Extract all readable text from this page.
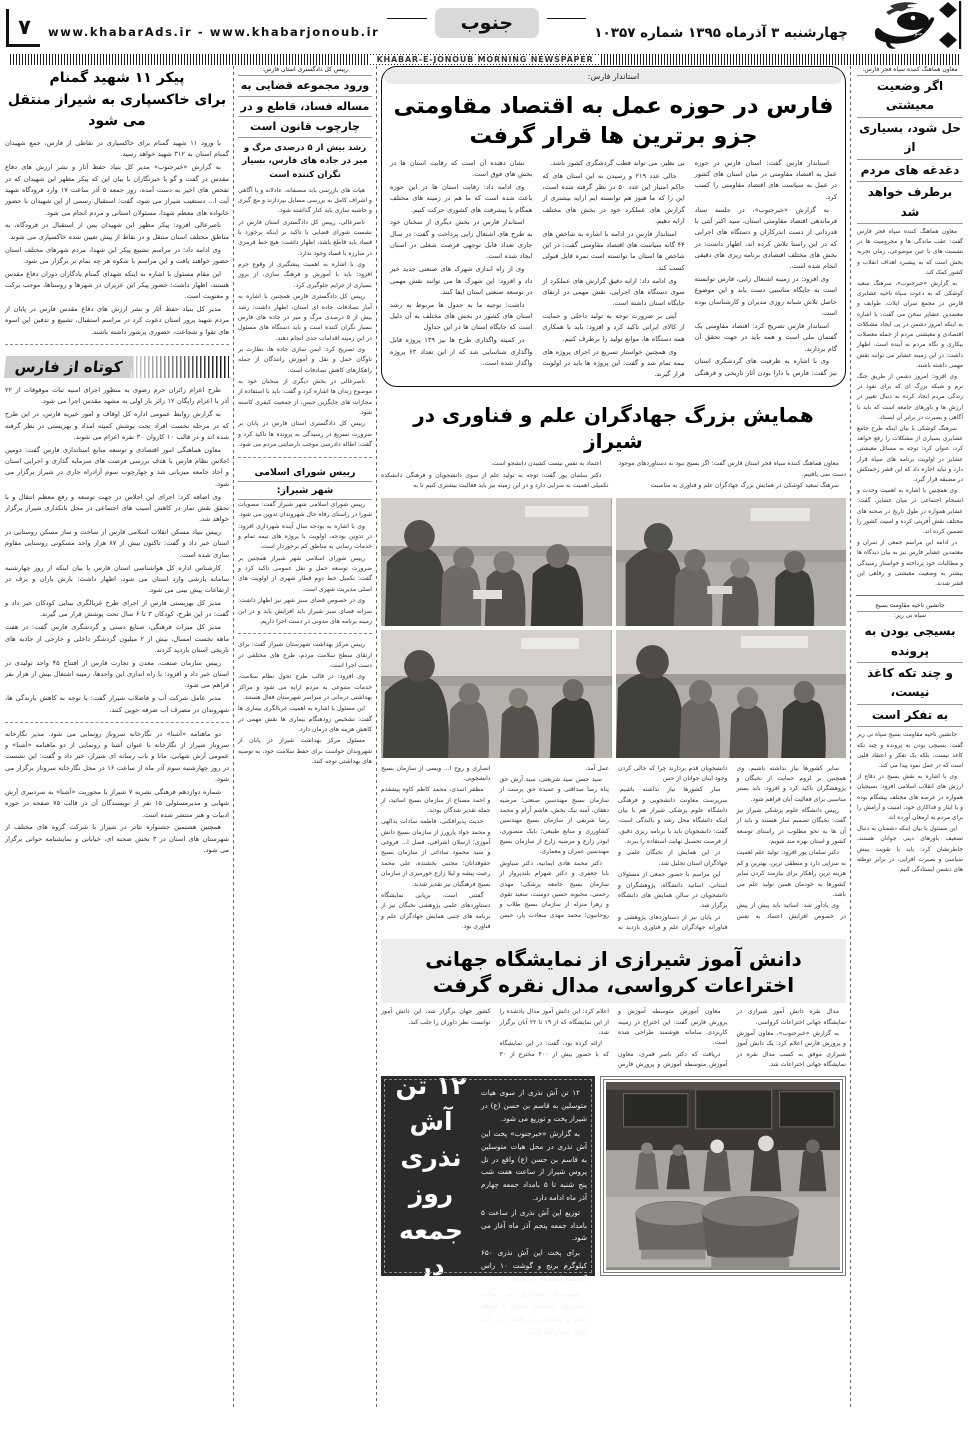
جنوب
چهارشنبه ۳ آذرماه ۱۳۹۵ شماره ۱۰۳۵۷
جنوب
www.khabarAds.ir - www.khabarjonoub.ir
۷
KHABAR-E-JONOUB MORNING NEWSPAPER
معاون هماهنگ کننده سپاه فجر فارس:
اگر وضعیت معیشتی
حل شود، بسیاری از
دغدغه های مردم
برطرف خواهد شد

معاون هماهنگ کننده سپاه فجر فارس گفت: عقب ماندگی ها و محرومیت ها در نشست های با عین موضوعی، زمان تجربه بخش است که به پیشبرد اهداف انقلاب و کشور کمک کند.

به گزارش «خبرجنوب»، سرهنگ سعید کوشکی که به دعوت سپاه ناحیه عشایری قارس در مجمع سران ایلات، طوایف و معتمدین عشایر سخن می گفت، با اشاره به اینکه امروز دشمن در پی ایجاد مشکلات اقتصادی و معیشتی مردم از جمله معضلات بیکاری و نگاه مردم به آینده است، اظهار داشت: در این زمینه عشایر می توانند نقش مهمی داشته باشند.

وی افزود: امروز دشمن از طریق جنگ نرم و شبکه بزرگ ای که برای نفوذ در زندگی مردم ایجاد کرده به دنبال تغییر در ارزش ها و باورهای جامعه است که باید با آگاهی و بصیرت در برابر آن ایستاد.

سرهنگ کوشکی با بیان اینکه طرح جامع عشایری بسیاری از مشکلات را رفع خواهد کرد، عنوان کرد: توجه به مسائل معیشتی عشایر در اولویت برنامه های سپاه قرار دارد و نباید اجازه داد که این قشر زحمتکش در مضیقه قرار گیرد.

وی همچنین با اشاره به اهمیت وحدت و انسجام اجتماعی در میان عشایر، گفت: عشایر همواره در طول تاریخ در صحنه های مختلف نقش آفرینی کرده و امنیت کشور را تضمین کرده اند.

در ادامه این مراسم جمعی از سران و معتمدین عشایر فارس نیز به بیان دیدگاه ها و مطالبات خود پرداخته و خواستار رسیدگی بیشتر به وضعیت معیشتی و رفاهی این قشر شدند.

جانشین ناحیه مقاومت بسیج
سپاه نی ریز:
بسیجی بودن به پرونده
و چند تکه کاغذ نیست،
به تفکر است

جانشین ناحیه مقاومت بسیج سپاه نی ریز گفت: بسیجی بودن به پرونده و چند تکه کاغذ نیست، بلکه یک تفکر و اعتقاد قلبی است که در عمل نمود پیدا می کند.

وی با اشاره به نقش بسیج در دفاع از ارزش های انقلاب اسلامی افزود: بسیجیان همواره در عرصه های مختلف پیشگام بوده و با ایثار و فداکاری خود، امنیت و آرامش را برای مردم به ارمغان آورده اند.

این مسئول با بیان اینکه دشمنان به دنبال تضعیف باورهای دینی جوانان هستند، خاطرنشان کرد: باید با تقویت بینش سیاسی و بصیرت افزایی، در برابر توطئه های دشمن ایستادگی کنیم.

استاندار فارس:
فارس در حوزه عمل به اقتصاد مقاومتی جزو برترین ها قرار گرفت

استاندار فارس گفت: استان فارس در حوزه عمل به اقتصاد مقاومتی در میان استان های کشور در عمل به سیاست های اقتصاد مقاومتی را کسب کرد.

به گزارش «خبرجنوب»، در جلسه ستاد فرماندهی اقتصاد مقاومتی استان، سید اکبر آیتی با قدردانی از دست اندرکاران و دستگاه های اجرایی که در این راستا تلاش کرده اند، اظهار داشت: در بخش های مختلف اقتصادی برنامه ریزی های دقیقی انجام شده است.

وی افزود: در زمینه اشتغال زایی، فارس توانسته است به جایگاه مناسبی دست یابد و این موضوع حاصل تلاش شبانه روزی مدیران و کارشناسان بوده است.

استاندار فارس تصریح کرد: اقتصاد مقاومتی یک گفتمان ملی است و همه باید در جهت تحقق آن گام بردارند.

وی با اشاره به ظرفیت های گردشگری استان نیز گفت: فارس با دارا بودن آثار تاریخی و فرهنگی بی نظیر، می تواند قطب گردشگری کشور باشد.

جالی عدد ۲۱۹ و رسیدن به این استان های که حاکم امتیاز این عدد ۵۰ در نظر گرفته شده است، این را که ما هنوز هم توانسته ایم ارایه بیشتری از گزارش های عملکرد خود در بخش های مختلف ارایه دهیم.

استاندار فارس در ادامه با اشاره به شاخص های ۴۴ گانه سیاست های اقتصاد مقاومتی گفت: در این شاخص ها استان ما توانسته است نمره قابل قبولی کسب کند.

وی ادامه داد: ارایه دقیق گزارش های عملکرد از سوی دستگاه های اجرایی، نقش مهمی در ارتقای جایگاه استان داشته است.

آیتی بر ضرورت توجه به تولید داخلی و حمایت از کالای ایرانی تاکید کرد و افزود: باید با همکاری همه دستگاه ها، موانع تولید را برطرف کنیم.

وی همچنین خواستار تسریع در اجرای پروژه های نیمه تمام شد و گفت: این پروژه ها باید در اولویت قرار گیرند.

نشان دهنده آن است که رقابت استان ها در بخش های فوق است.

وی ادامه داد: رقابت استان ها در این حوزه باعث شده است که ما هم در زمینه های مختلف همگام با پیشرفت های کشوری حرکت کنیم.

استاندار فارس در بخش دیگری از سخنان خود به طرح های اشتغال زایی پرداخت و گفت: در سال جاری تعداد قابل توجهی فرصت شغلی در استان ایجاد شده است.

وی از راه اندازی شهرک های صنعتی جدید خبر داد و افزود: این شهرک ها می توانند نقش مهمی در توسعه صنعتی استان ایفا کنند.

داشت: توجیه ما به جدول ها مربوط به رشد استان های کشور در بخش های مختلف به آن دلیل است که جایگاه استان ها در این جداول

در کمیته واگذاری طرح ها نیز ۱۳۹ پروژه قابل واگذاری شناسایی شد که از این تعداد ۶۳ پروژه واگذار شده است.

همایش بزرگ جهادگران علم و فناوری در شیراز

معاون هماهنگ کننده سپاه فجر استان فارس گفت: اگر بسیج نبود به دستاوردهای موجود دست نمی یافتیم.

سرهنگ سعید کوشکی در همایش بزرگ جهادگران علم و فناوری به مناسبت

اعتماد به نفس نیست کشیدن دانشجو است.

دکتر سلمان پور گفت: توجه به تولید علم از سوی دانشجویان و فرهنگی دانشکده تکمیلی اهمیت به سزایی دارد و در این زمینه نیز باید فعالیت بیشتری کنیم تا به

سایر کشورها نیاز نداشته باشیم. وی همچنین بر لزوم حمایت از نخبگان و پژوهشگران تاکید کرد و افزود: باید بستر مناسبی برای فعالیت آنان فراهم شود.

رییس دانشگاه علوم پزشکی شیراز نیز گفت: نخبگان تصمیم ساز هستند و باید از آن ها به نحو مطلوب در راستای توسعه کشور و استان بهره مند شویم.

دکتر سلمان پور افزود: تولید علم اهمیت به سزایی دارد و منطقی ترین، بهترین و کم هزینه ترین راهکار برای نیازمند کردن سایر کشورها به خودمان همین تولید علم می باشد.

وی یادآور شد: اساتید باید پیش از پیش در خصوص افزایش اعتماد به نفس دانشجویان قدم بردارند چرا که خالی کردن وجود اینان جوانان از حس

سار کشورها نیاز نداشته باشیم. سرپرست معاونت دانشجویی و فرهنگی دانشگاه علوم پزشکی شیراز هم با بیان اینکه دانشگاه محل رشد و بالندگی است، گفت: دانشجویان باید با برنامه ریزی دقیق، از فرصت تحصیل نهایت استفاده را ببرند.

در این همایش از نخبگان علمی و جهادگران استان تجلیل شد.

این مراسم با حضور جمعی از مسئولان استانی، اساتید دانشگاه، پژوهشگران و دانشجویان در سالن همایش های دانشگاه برگزار شد.

در پایان نیز از دستاوردهای پژوهشی و فناورانه جهادگران علم و فناوری بازدید به عمل آمد.

سید حسن سید شریعتی، سید آرش حق پناه رضا صداقتی و عمیده حق پرست از سازمان بسیج مهندسین صنعتی؛ مرضیه دهقان، آمنه نیک بخش، هاشم آرام و محمد رضا شریفی از سازمان بسیج مهندسین کشاورزی و منابع طبیعی؛ بابک منصوری، ابوذر زارع و مرضیه زارع از سازمان بسیج مهندسین عمران و معماری.

دکتر محمد هادی ایمانیه، دکتر سیاوش بابا جعفری و دکتر شهرام بلندپرواز از سازمان بسیج جامعه پزشکی؛ مهدی رحمتی، محبوبه حسین دوست، سعید تقوی و زهرا منزله از سازمان بسیج طلاب و روحانیون؛ محمد مهدی سعادت یار، حسن انصاری و روح ا... ویسی از سازمان بسیج دانشجویی.

مظفر اسدی، محمد کاظم کاوه پیشقدم و احمد مصباح از سازمان بسیج اساتید، از جمله تقدیر شدگان بودند.

حدیث پذیرافکنی، فاطمه سادات یدالهی و محمد جواد یارورز از سازمان بسیج دانش آموزی؛ ارسلان اشرافی، فضل ا... فروغی و سید محمود ساداتی از سازمان بسیج حقوقدانان؛ مجتبی بخشنده، علی محمد رعیت پیشه و لیلا زارع خورمیزی از سازمان بسیج فرهنگیان نیز تقدیر شدند.

گفتنی است، برپایی نمایشگاه دستاوردهای علمی پژوهشی نخبگان نیز از برنامه های جنبی همایش جهادگران علم و فناوری بود.

دانش آموز شیرازی از نمایشگاه جهانی اختراعات کرواسی، مدال نقره گرفت

مدال نقره دانش آموز شیرازی در نمایشگاه جهانی اختراعات کرواسی.

به گزارش «خبرجنوب»، معاون آموزش و پرورش فارس اعلام کرد: یک دانش آموز شیرازی موفق به کسب مدال نقره در نمایشگاه جهانی اختراعات شد.

معاون آموزش متوسطه آموزش و پرورش فارس گفت: این اختراع در زمینه کاربردی سامانه هوشمند طراحی شده است.

دریافت که دکتر ناصر قمری، معاون آموزش متوسطه آموزش و پرورش فارس اعلام کرد: این دانش آموز مدال یادشده را از این نمایشگاه که از ۱۹ تا ۲۲ آبان برگزار شد،

ارائه کرده بود، گفت: در این نمایشگاه که با حضور بیش از ۴۰۰ مخترع از ۳۰ کشور جهان برگزار شد، این دانش آموز توانست نظر داوران را جلب کند.

۱۲ تن آش نذری از سوی هیات متوسلین به قاسم بن حسن (ع) در شیراز پخت و توزیع می شود.

به گزارش «خبرجنوب» پخت این آش نذری در محل هیات متوسلین به قاسم بن حسن (ع) واقع در تل پروس شیراز از ساعت هفت شب پنج شنبه تا ۵ بامداد جمعه چهارم آذر ماه ادامه دارد.

توزیع این آش نذری از ساعت ۵ بامداد جمعه پنجم آذر ماه آغاز می شود.

برای پخت این آش نذری ۶۵۰ کیلوگرم برنج و گوشت ۱۰ راس گوسفند استفاده می شود.

شهروندان شیرازی می توانند بعدازظهر پنجشنبه همراه با صرف شام و پذیرایی در پخت این آش نذری مشارکت کنند.

توزیع ۱۲ تن
آش نذری
روز جمعه
در شیراز
رییس کل دادگستری استان فارس:
ورود مجموعه قضایی به
مساله فساد، قاطع و در
چارچوب قانون است
رشد بیش از ۵ درصدی مرگ و میر در جاده های فارس، بسیار نگران کننده است

هیات های بازرسی باید منصفانه، عادلانه و با آگاهی و اشراف کامل به بررسی مسایل بپردازند و مچ گیری و حاشیه سازی باید کنار گذاشته شود.

ناصرعالی، رییس کل دادگستری استان فارس در نشست شورای قضایی با تاکید بر اینکه برخورد با فساد باید قاطع باشد، اظهار داشت: هیچ خط قرمزی در مبارزه با فساد وجود ندارد.

وی با اشاره به اهمیت پیشگیری از وقوع جرم افزود: باید با آموزش و فرهنگ سازی، از بروز بسیاری از جرایم جلوگیری کرد.

رییس کل دادگستری فارس همچنین با اشاره به آمار تصادفات جاده ای استان، اظهار داشت: رشد بیش از ۵ درصدی مرگ و میر در جاده های فارس بسیار نگران کننده است و باید دستگاه های مسئول در این زمینه اقدامات جدی انجام دهند.

وی تصریح کرد: ایمن سازی جاده ها، نظارت بر ناوگان حمل و نقل و آموزش رانندگان از جمله راهکارهای کاهش تصادفات است.

ناصرعالی در بخش دیگری از سخنان خود به موضوع زندان ها اشاره کرد و گفت: باید با استفاده از مجازات های جایگزین حبس، از جمعیت کیفری کاسته شود.

رییس کل دادگستری استان فارس در پایان بر ضرورت تسریع در رسیدگی به پرونده ها تاکید کرد و گفت: اطاله دادرسی موجب نارضایتی مردم می شود.

رییس شورای اسلامی
شهر شیراز:

رییس شورای اسلامی شهر شیراز گفت: مصوبات شورا در راستای رفاه حال شهروندان تدوین می شود.

وی با اشاره به بودجه سال آینده شهرداری افزود: در تدوین بودجه، اولویت با پروژه های نیمه تمام و خدمات رسانی به مناطق کم برخوردار است.

رییس شورای اسلامی شهر شیراز همچنین بر ضرورت توسعه حمل و نقل عمومی تاکید کرد و گفت: تکمیل خط دوم قطار شهری از اولویت های اصلی مدیریت شهری است.

وی در خصوص فضای سبز شهر نیز اظهار داشت: سرانه فضای سبز شیراز باید افزایش یابد و در این زمینه برنامه های مدونی در دست اجرا داریم.

رییس مرکز بهداشت شهرستان شیراز گفت: برای ارتقای سطح سلامت مردم، طرح های مختلفی در دست اجرا است.

وی افزود: در قالب طرح تحول نظام سلامت، خدمات متنوعی به مردم ارایه می شود و مراکز بهداشتی درمانی در سراسر شهرستان فعال هستند.

این مسئول با اشاره به اهمیت غربالگری بیماری ها گفت: تشخیص زودهنگام بیماری ها نقش مهمی در کاهش هزینه های درمان دارد.

مسئول مرکز بهداشت شیراز در پایان از شهروندان خواست برای حفظ سلامت خود، به توصیه های بهداشتی توجه کنند.

پیکر ۱۱ شهید گمنام
برای خاکسپاری به شیراز منتقل می شود

با ورود ۱۱ شهید گمنام برای خاکسپاری در نقاطی از فارس، جمع شهیدان گمنام استان به ۳۱۲ شهید خواهد رسید.

به گزارش «خبرجنوب» مدیر کل بنیاد حفظ آثار و نشر ارزش های دفاع مقدس در گفت و گو با خبرنگاران با بیان این که پیکر مطهر این شهیدان که در تفحص های اخیر به دست آمده، روز جمعه ۵ آذر ساعت ۱۷ وارد فرودگاه شهید آیت ا... دستغیب شیراز می شود، گفت: استقبال رسمی از این شهیدان با حضور خانواده های معظم شهدا، مسئولان استانی و مردم انجام می شود.

ناصرعالی افزود: پیکر مطهر این شهیدان پس از استقبال در فرودگاه، به مناطق مختلف استان منتقل و در نقاط از پیش تعیین شده خاکسپاری می شوند.

وی ادامه داد: در مراسم تشییع پیکر این شهدا، مردم شهرهای مختلف استان حضور خواهند یافت و این مراسم با شکوه هر چه تمام تر برگزار می شود.

این مقام مسئول با اشاره به اینکه شهدای گمنام یادگاران دوران دفاع مقدس هستند، اظهار داشت: حضور پیکر این عزیزان در شهرها و روستاها، موجب برکت و معنویت است.

مدیر کل بنیاد حفظ آثار و نشر ارزش های دفاع مقدس فارس در پایان از مردم شهید پرور استان دعوت کرد در مراسم استقبال، تشییع و تدفین این اسوه های تقوا و شجاعت، حضوری پرشور داشته باشند.

کوتاه از فارس

طرح اعزام زائران حرم رضوی به منظور اجرای امنیه تبات موقوفات از ۲۲ آذر با اعزام رایگان ۱۲ زائر بار اولی به مشهد مقدس اجرا می شود.

به گزارش روابط عمومی اداره کل اوقاف و امور خیریه فارس، در این طرح که در مرحله نخست افراد تحت پوشش کمیته امداد و بهزیستی در نظر گرفته شده اند و در قالب ۱۰ کاروان ۳۰ نفره اعزام می شوند.

معاون هماهنگی امور اقتصادی و توسعه منابع استانداری فارس گفت: دومین اجلاس نظام فارس با هدف بررسی فرصت های سرمایه گذاری و اجرایی استان و آحاد جامعه میزبانی شد و چهارچوب سوم آزادراه جاری در شیراز برگزار می شود.

وی اضافه کرد: اجرای این اجلاس در جهت توسعه و رفع معظم انتقال و با تحقق نقش نماز در کاهش آسیب های اجتماعی در محل بانکداری شیراز برگزار خواهد شد.

رییس بنیاد مسکن انقلاب اسلامی فارس از ساخت و ساز مسکن روستایی در استان خبر داد و گفت: تاکنون بیش از ۸۷ هزار واحد مسکونی روستایی مقاوم سازی شده است.

کارشناس اداره کل هواشناسی استان فارس با بیان اینکه از روز چهارشنبه سامانه بارشی وارد استان می شود، اظهار داشت: بارش باران و برف در ارتفاعات پیش بینی می شود.

مدیر کل بهزیستی فارس از اجرای طرح غربالگری بینایی کودکان خبر داد و گفت: در این طرح، کودکان ۳ تا ۶ سال تحت پوشش قرار می گیرند.

مدیر کل میراث فرهنگی، صنایع دستی و گردشگری فارس گفت: در هفت ماهه نخست امسال، بیش از ۲ میلیون گردشگر داخلی و خارجی از جاذبه های تاریخی استان بازدید کردند.

رییس سازمان صنعت، معدن و تجارت فارس از افتتاح ۴۵ واحد تولیدی در استان خبر داد و افزود: با راه اندازی این واحدها، زمینه اشتغال بیش از هزار نفر فراهم می شود.

مدیر عامل شرکت آب و فاضلاب شیراز گفت: با توجه به کاهش بارندگی ها، شهروندان در مصرف آب صرفه جویی کنند.

دو ماهنامه «آشنا» در نگارخانه سروناز رونمایی می شود. مدیر نگارخانه سروناز شیراز از نگارخانه با عنوان آشنا و رونمایی از دو ماهنامه «آشنا» و عمومی آرش شهابی، مانا و باب رسانه ای شیراز، خبر داد و گفت: این نشست در روز چهارشنبه سوم آذر ماه از ساعت ۱۶ در محل نگارخانه سروناز برگزار می شود.

شماره دوازدهم فرهنگی نشریه ۷ شیراز با محوریت «آشنا» به سردبیری آرش شهابی و مدیرمسئولی ۱۵ نفر از نویسندگان آن در قالب ۷۵ صفحه در حوزه ادبیات و هنر منتشر شده است.

همچنین هشتمین جشنواره تئاتر در شیراز با شرکت گروه های مختلف از شهرستان های استان در ۳ بخش صحنه ای، خیابانی و نمایشنامه خوانی برگزار می شود.
